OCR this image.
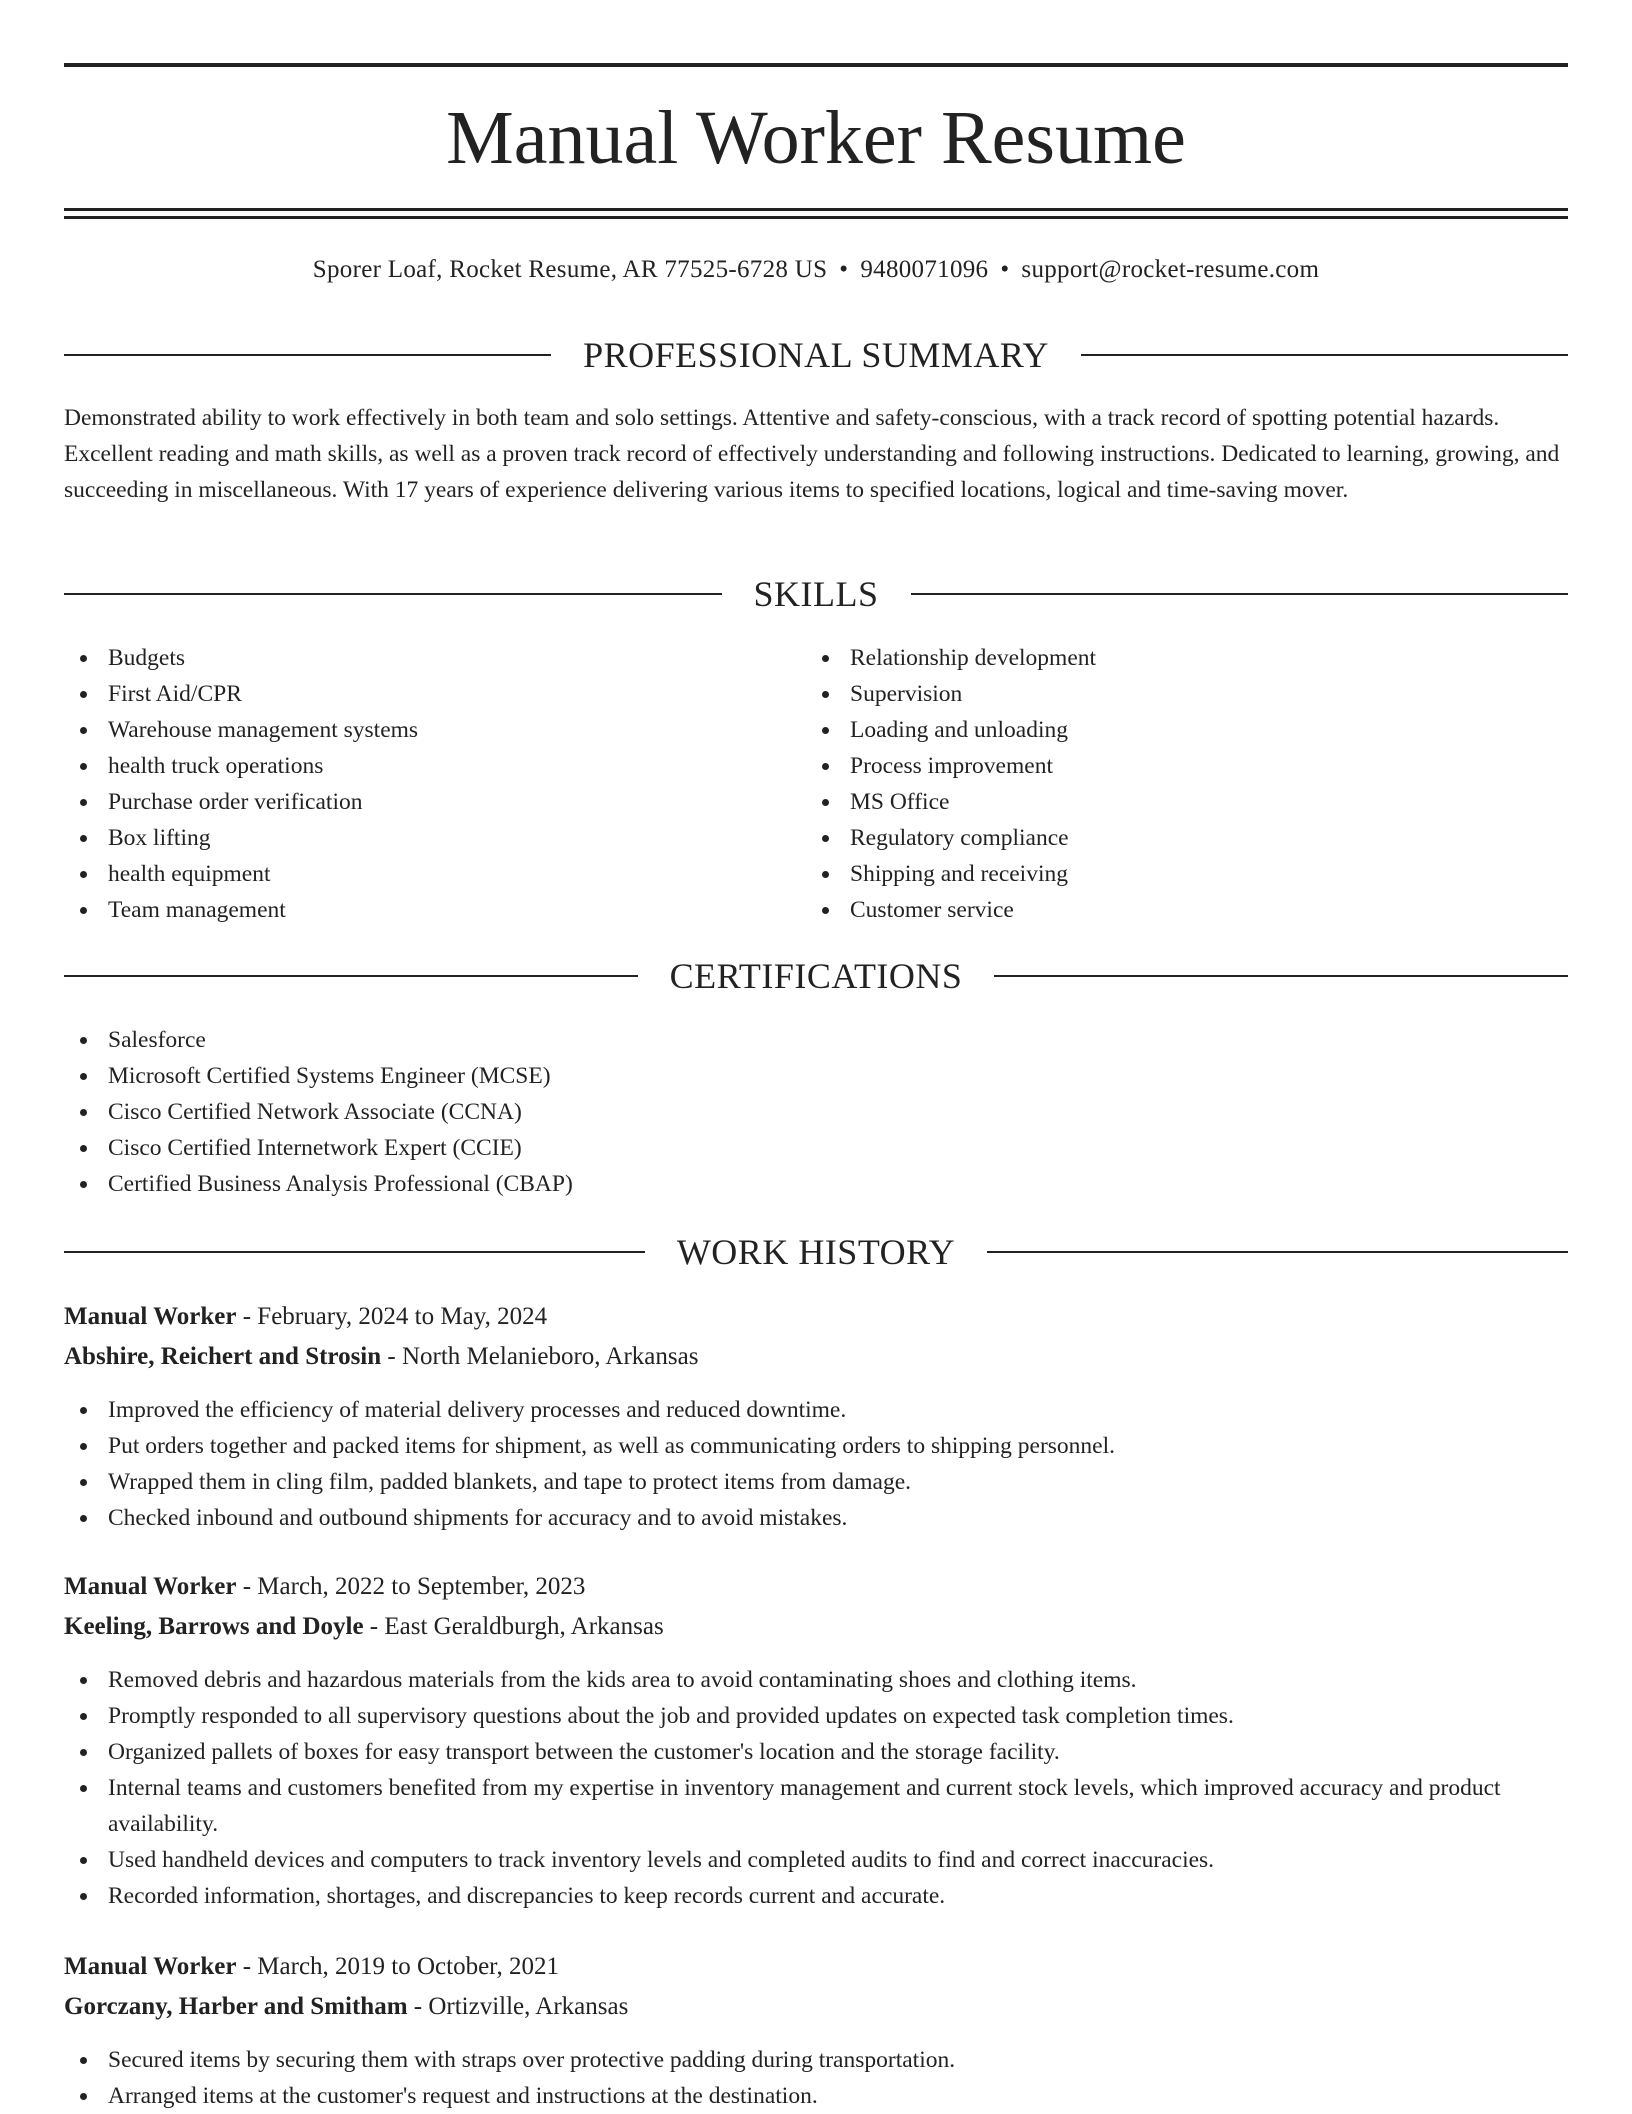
Manual Worker Resume
Sporer Loaf, Rocket Resume, AR 77525-6728 US • 9480071096 • support@rocket-resume.com
PROFESSIONAL SUMMARY

Demonstrated ability to work effectively in both team and solo settings. Attentive and safety-conscious, with a track record of spotting potential hazards. Excellent reading and math skills, as well as a proven track record of effectively understanding and following instructions. Dedicated to learning, growing, and succeeding in miscellaneous. With 17 years of experience delivering various items to specified locations, logical and time-saving mover.

SKILLS
Budgets
First Aid/CPR
Warehouse management systems
health truck operations
Purchase order verification
Box lifting
health equipment
Team management
Relationship development
Supervision
Loading and unloading
Process improvement
MS Office
Regulatory compliance
Shipping and receiving
Customer service
CERTIFICATIONS
Salesforce
Microsoft Certified Systems Engineer (MCSE)
Cisco Certified Network Associate (CCNA)
Cisco Certified Internetwork Expert (CCIE)
Certified Business Analysis Professional (CBAP)
WORK HISTORY
Manual Worker - February, 2024 to May, 2024
Abshire, Reichert and Strosin - North Melanieboro, Arkansas
Improved the efficiency of material delivery processes and reduced downtime.
Put orders together and packed items for shipment, as well as communicating orders to shipping personnel.
Wrapped them in cling film, padded blankets, and tape to protect items from damage.
Checked inbound and outbound shipments for accuracy and to avoid mistakes.
Manual Worker - March, 2022 to September, 2023
Keeling, Barrows and Doyle - East Geraldburgh, Arkansas
Removed debris and hazardous materials from the kids area to avoid contaminating shoes and clothing items.
Promptly responded to all supervisory questions about the job and provided updates on expected task completion times.
Organized pallets of boxes for easy transport between the customer's location and the storage facility.
Internal teams and customers benefited from my expertise in inventory management and current stock levels, which improved accuracy and product availability.
Used handheld devices and computers to track inventory levels and completed audits to find and correct inaccuracies.
Recorded information, shortages, and discrepancies to keep records current and accurate.
Manual Worker - March, 2019 to October, 2021
Gorczany, Harber and Smitham - Ortizville, Arkansas
Secured items by securing them with straps over protective padding during transportation.
Arranged items at the customer's request and instructions at the destination.
